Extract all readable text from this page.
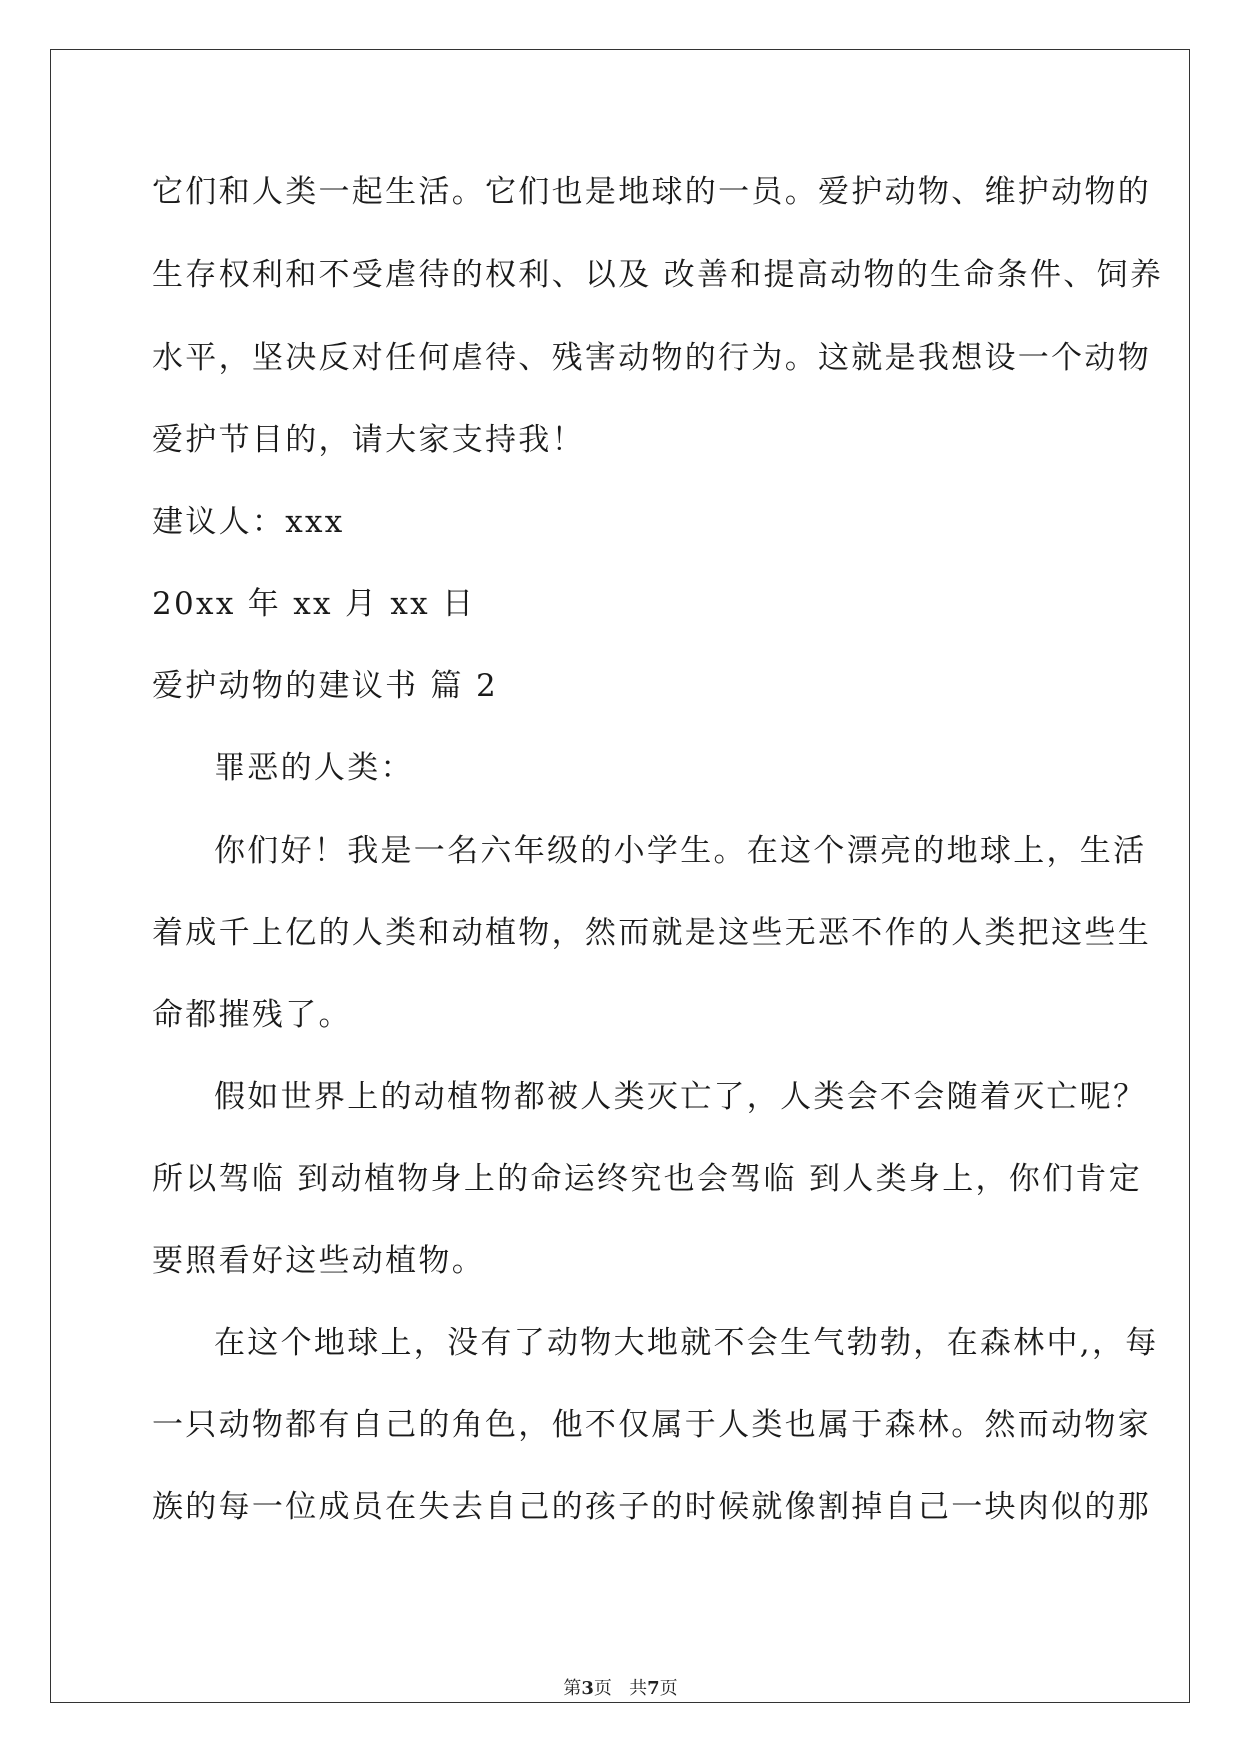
它们和人类一起生活。它们也是地球的一员。爱护动物、维护动物的
生存权利和不受虐待的权利、以及 改善和提高动物的生命条件、饲养
水平，坚决反对任何虐待、残害动物的行为。这就是我想设一个动物
爱护节目的，请大家支持我！
建议人：xxx
20xx 年 xx 月 xx 日
爱护动物的建议书 篇 2
罪恶的人类：
你们好！我是一名六年级的小学生。在这个漂亮的地球上，生活
着成千上亿的人类和动植物，然而就是这些无恶不作的人类把这些生
命都摧残了。
假如世界上的动植物都被人类灭亡了，人类会不会随着灭亡呢？
所以驾临 到动植物身上的命运终究也会驾临 到人类身上，你们肯定
要照看好这些动植物。
在这个地球上，没有了动物大地就不会生气勃勃，在森林中,，每
一只动物都有自己的角色，他不仅属于人类也属于森林。然而动物家
族的每一位成员在失去自己的孩子的时候就像割掉自己一块肉似的那
第3页 共7页
